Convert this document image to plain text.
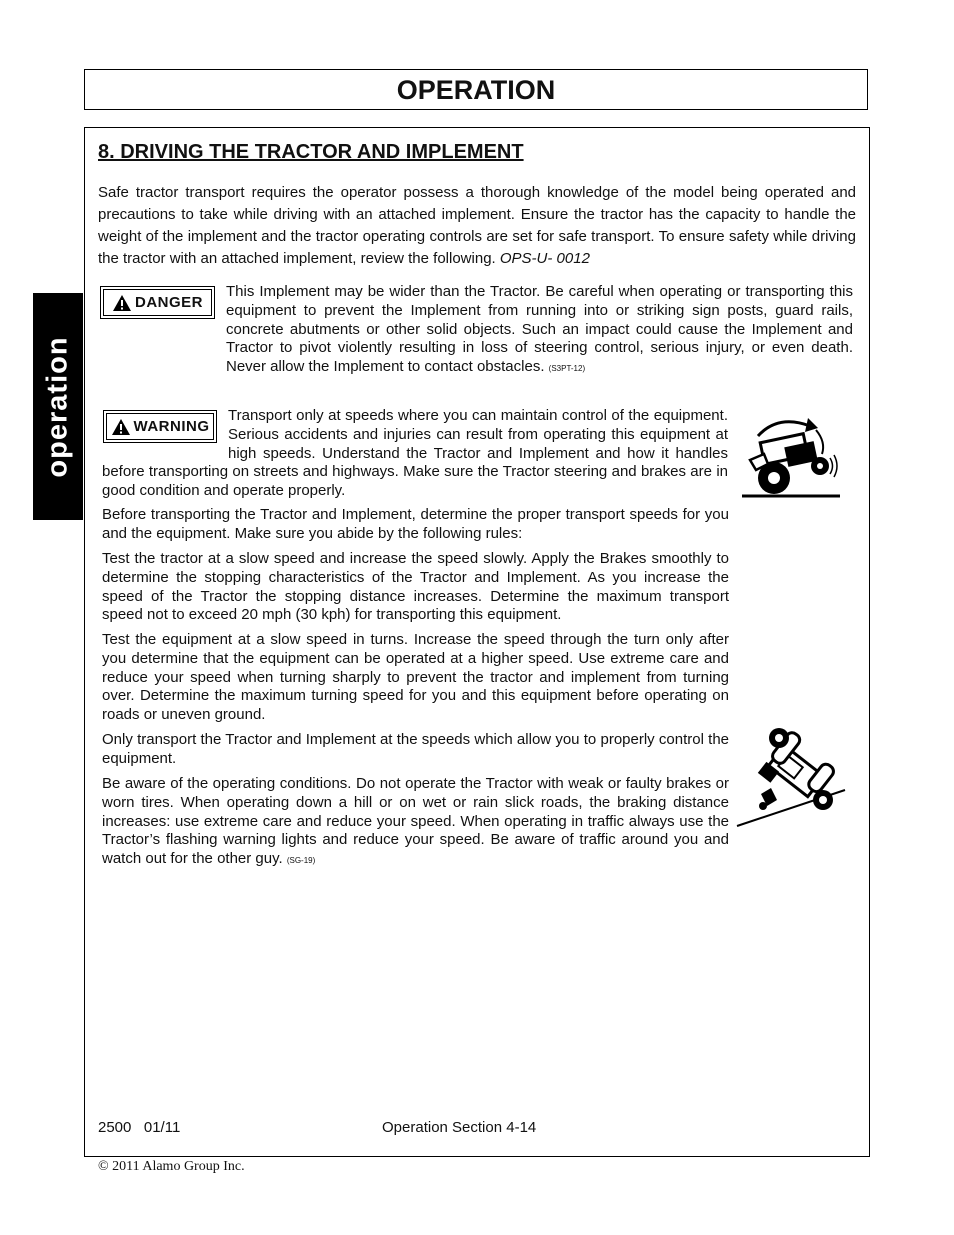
OPERATION
operation
8. DRIVING THE TRACTOR AND IMPLEMENT

Safe tractor transport requires the operator possess a thorough knowledge of the model being operated and precautions to take while driving with an attached implement. Ensure the tractor has the capacity to handle the weight of the implement and the tractor operating controls are set for safe transport. To ensure safety while driving the tractor with an attached implement, review the following. OPS-U- 0012

DANGER

This Implement may be wider than the Tractor. Be careful when operating or transporting this equipment to prevent the Implement from running into or striking sign posts, guard rails, concrete abutments or other solid objects. Such an impact could cause the Implement and Tractor to pivot violently resulting in loss of steering control, serious injury, or even death. Never allow the Implement to contact obstacles. (S3PT-12)

WARNING

Transport only at speeds where you can maintain control of the equipment. Serious accidents and injuries can result from operating this equipment at high speeds. Understand the Tractor and Implement and how it handles before transporting on streets and highways. Make sure the Tractor steering and brakes are in good condition and operate properly.

Before transporting the Tractor and Implement, determine the proper transport speeds for you and the equipment. Make sure you abide by the following rules:

Test the tractor at a slow speed and increase the speed slowly. Apply the Brakes smoothly to determine the stopping characteristics of the Tractor and Implement. As you increase the speed of the Tractor the stopping distance increases. Determine the maximum transport speed not to exceed 20 mph (30 kph) for transporting this equipment.

Test the equipment at a slow speed in turns. Increase the speed through the turn only after you determine that the equipment can be operated at a higher speed. Use extreme care and reduce your speed when turning sharply to prevent the tractor and implement from turning over. Determine the maximum turning speed for you and this equipment before operating on roads or uneven ground.

Only transport the Tractor and Implement at the speeds which allow you to properly control the equipment.

Be aware of the operating conditions. Do not operate the Tractor with weak or faulty brakes or worn tires. When operating down a hill or on wet or rain slick roads, the braking distance increases: use extreme care and reduce your speed. When operating in traffic always use the Tractor’s flashing warning lights and reduce your speed. Be aware of traffic around you and watch out for the other guy. (SG-19)

2500   01/11	Operation Section 4-14
© 2011 Alamo Group Inc.
